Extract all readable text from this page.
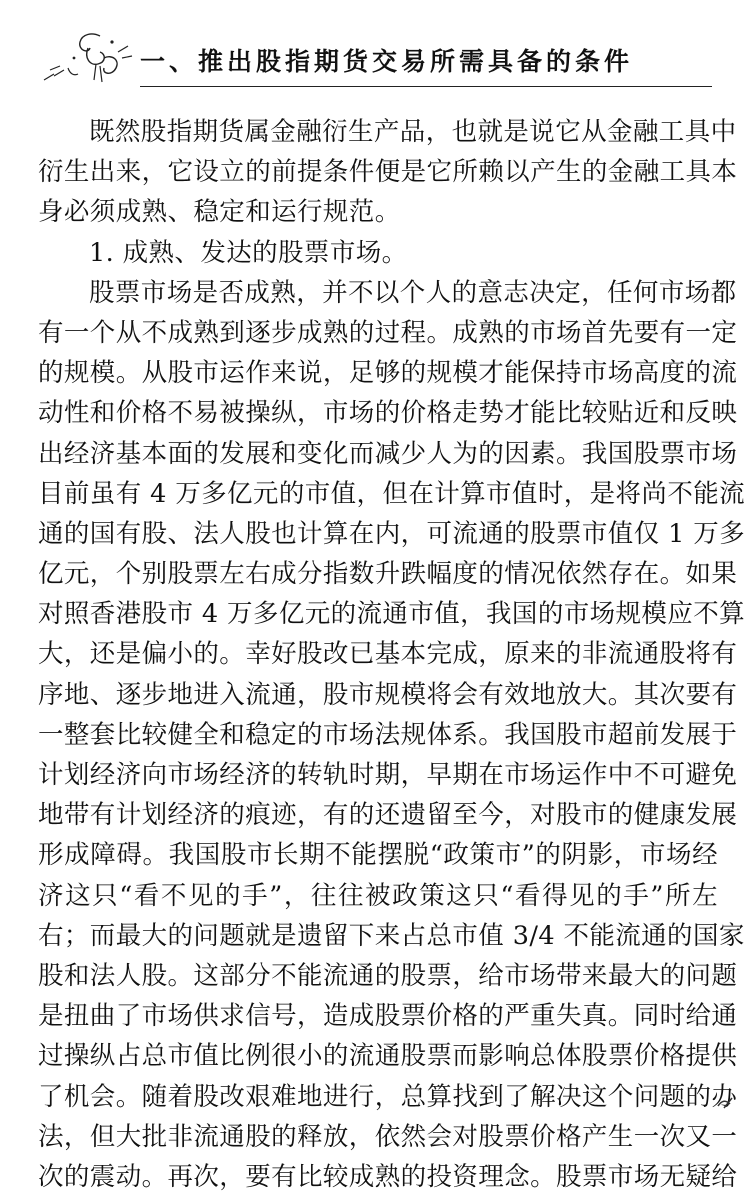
一、推出股指期货交易所需具备的条件
既然股指期货属金融衍生产品，也就是说它从金融工具中
衍生出来，它设立的前提条件便是它所赖以产生的金融工具本
身必须成熟、稳定和运行规范。
1. 成熟、发达的股票市场。
股票市场是否成熟，并不以个人的意志决定，任何市场都
有一个从不成熟到逐步成熟的过程。成熟的市场首先要有一定
的规模。从股市运作来说，足够的规模才能保持市场高度的流
动性和价格不易被操纵，市场的价格走势才能比较贴近和反映
出经济基本面的发展和变化而减少人为的因素。我国股票市场
目前虽有 4 万多亿元的市值，但在计算市值时，是将尚不能流
通的国有股、法人股也计算在内，可流通的股票市值仅 1 万多
亿元，个别股票左右成分指数升跌幅度的情况依然存在。如果
对照香港股市 4 万多亿元的流通市值，我国的市场规模应不算
大，还是偏小的。幸好股改已基本完成，原来的非流通股将有
序地、逐步地进入流通，股市规模将会有效地放大。其次要有
一整套比较健全和稳定的市场法规体系。我国股市超前发展于
计划经济向市场经济的转轨时期，早期在市场运作中不可避免
地带有计划经济的痕迹，有的还遗留至今，对股市的健康发展
形成障碍。我国股市长期不能摆脱“政策市”的阴影，市场经
济这只“看不见的手”，往往被政策这只“看得见的手”所左
右；而最大的问题就是遗留下来占总市值 3/4 不能流通的国家
股和法人股。这部分不能流通的股票，给市场带来最大的问题
是扭曲了市场供求信号，造成股票价格的严重失真。同时给通
过操纵占总市值比例很小的流通股票而影响总体股票价格提供
了机会。随着股改艰难地进行，总算找到了解决这个问题的办
法，但大批非流通股的释放，依然会对股票价格产生一次又一
次的震动。再次，要有比较成熟的投资理念。股票市场无疑给
